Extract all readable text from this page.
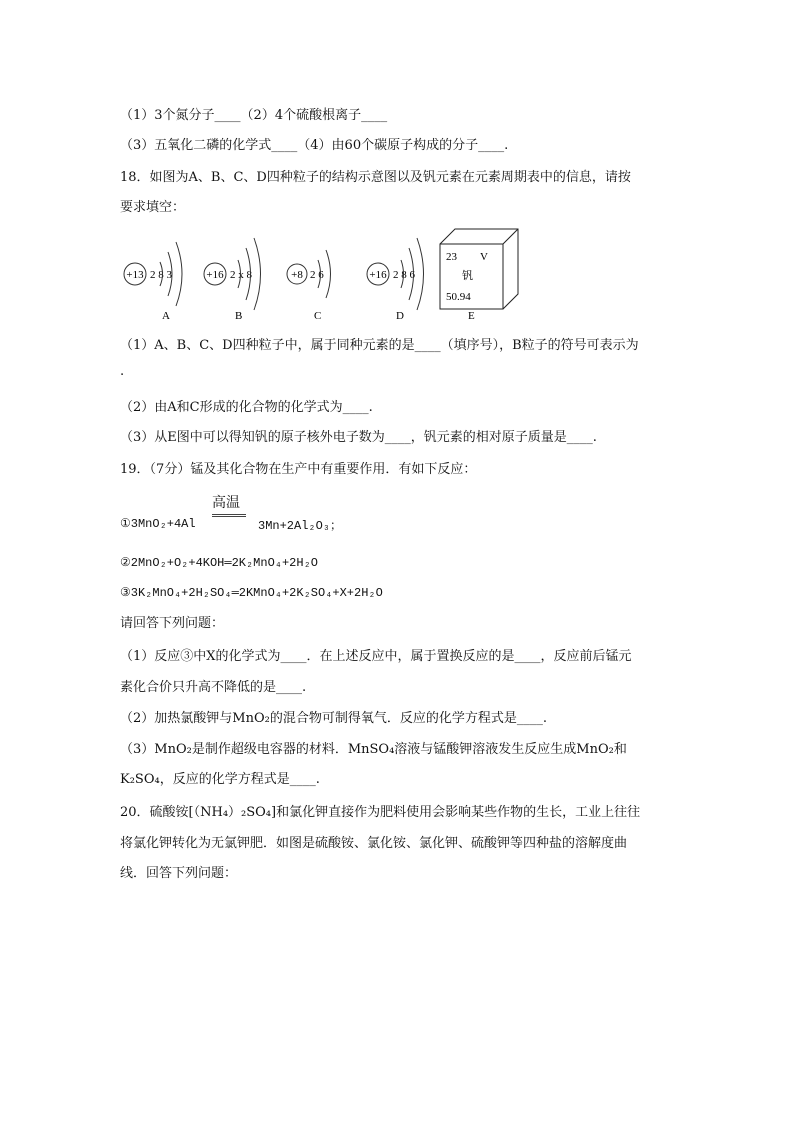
（1）3个氮分子____（2）4个硫酸根离子____
（3）五氧化二磷的化学式____（4）由60个碳原子构成的分子____.
18．如图为A、B、C、D四种粒子的结构示意图以及钒元素在元素周期表中的信息，请按
要求填空：
+13 2 8 3
A
+16 2 x 8
B
+8 2 6
C
+16 2 8 6
D
23 V
钒
50.94
E
（1）A、B、C、D四种粒子中，属于同种元素的是____（填序号），B粒子的符号可表示为
.
（2）由A和C形成的化合物的化学式为____.
（3）从E图中可以得知钒的原子核外电子数为____，钒元素的相对原子质量是____.
19．（7分）锰及其化合物在生产中有重要作用．有如下反应：
①3MnO₂+4Al
高温
3Mn+2Al₂O₃；
②2MnO₂+O₂+4KOH═2K₂MnO₄+2H₂O
③3K₂MnO₄+2H₂SO₄═2KMnO₄+2K₂SO₄+X+2H₂O
请回答下列问题：
（1）反应③中X的化学式为____．在上述反应中，属于置换反应的是____，反应前后锰元
素化合价只升高不降低的是____.
（2）加热氯酸钾与MnO₂的混合物可制得氧气．反应的化学方程式是____.
（3）MnO₂是制作超级电容器的材料．MnSO₄溶液与锰酸钾溶液发生反应生成MnO₂和
K₂SO₄，反应的化学方程式是____.
20．硫酸铵[（NH₄）₂SO₄]和氯化钾直接作为肥料使用会影响某些作物的生长，工业上往往
将氯化钾转化为无氯钾肥．如图是硫酸铵、氯化铵、氯化钾、硫酸钾等四种盐的溶解度曲
线．回答下列问题：
